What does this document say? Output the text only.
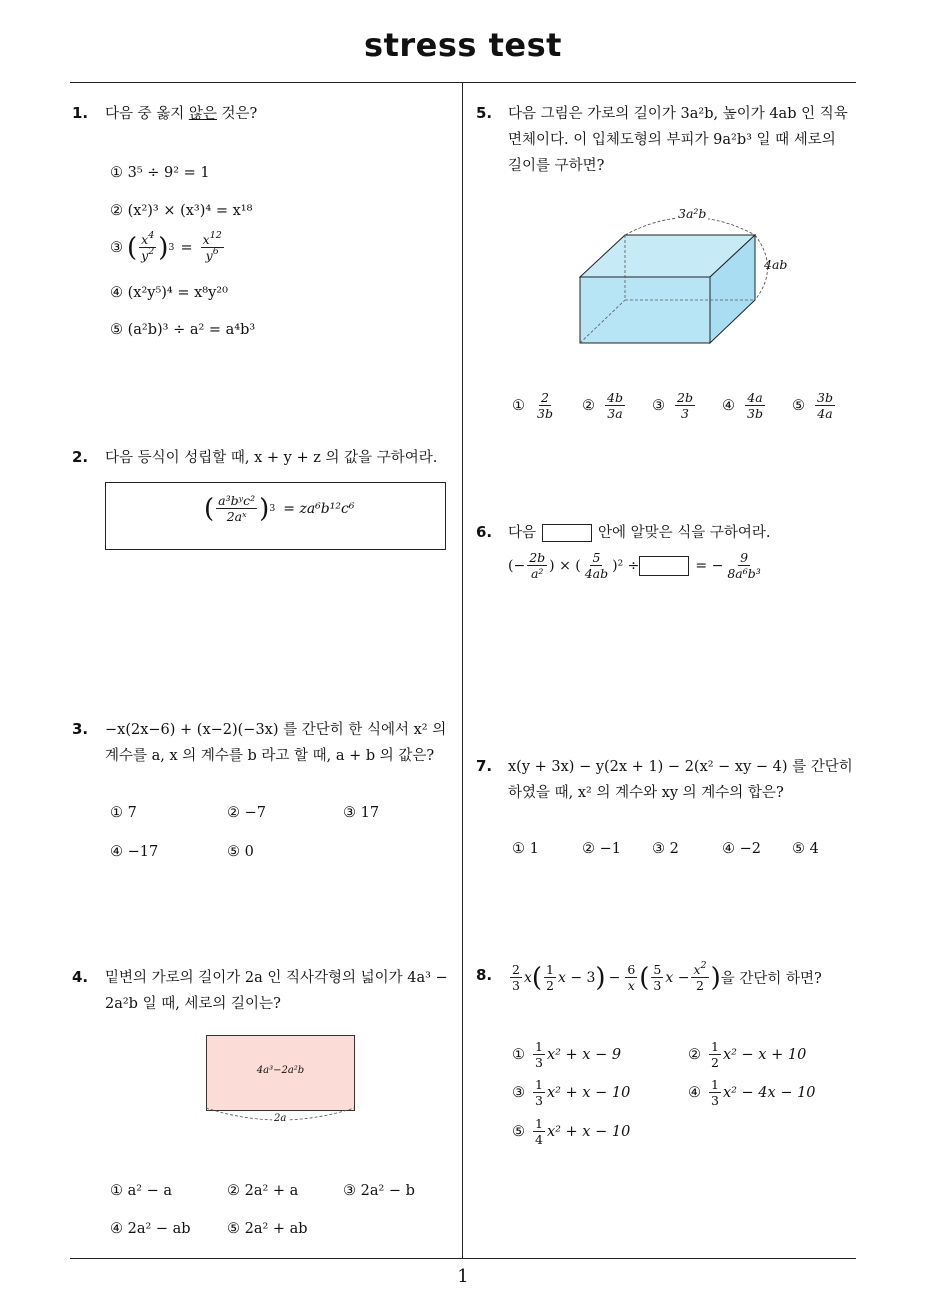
stress test
1
1. 다음 중 옳지 않은 것은?
① 3⁵ ÷ 9² = 1
② (x²)³ × (x³)⁴ = x¹⁸
③ ( $\frac{x^4}{y^2}$ ) $3 = \frac{x^{12}}{y^6}$
④ (x²y⁵)⁴ = x⁸y²⁰
⑤ (a²b)³ ÷ a² = a⁴b³
2. 다음 등식이 성립할 때, x + y + z 의 값을 구하여라.
( $\frac{\text{a³bʸc²}}{\text{2aˣ}}$ ) 3 = za⁶b¹²c⁶
3. −x(2x−6) + (x−2)(−3x) 를 간단히 한 식에서 x² 의
계수를 a, x 의 계수를 b 라고 할 때, a + b 의 값은?
① 7	② −7	③ 17
④ −17	⑤ 0
4. 밑변의 가로의 길이가 2a 인 직사각형의 넓이가 4a³ −
2a²b 일 때, 세로의 길이는?
4a³−2a²b
2a
① a² − a	② 2a² + a	③ 2a² − b
④ 2a² − ab	⑤ 2a² + ab
5. 다음 그림은 가로의 길이가 3a²b, 높이가 4ab 인 직육
면체이다. 이 입체도형의 부피가 9a²b³ 일 때 세로의
길이를 구하면?
3a²b
4ab
① $\frac{2}{3b}$ ② $\frac{4b}{3a}$ ③ $\frac{2b}{3}$ ④ $\frac{4a}{3b}$ ⑤ $\frac{3b}{4a}$
6. 다음	안에 알맞은 식을 구하여라.
(− $\frac{2b}{\text{a²}}$ ) × ( $\frac{5}{4ab} )^2$ ÷	= − $\frac{9}{\text{8a⁶b³}}$
7. x(y + 3x) − y(2x + 1) − 2(x² − xy − 4) 를 간단히
하였을 때, x² 의 계수와 xy 의 계수의 합은?
① 1	② −1 ③ 2	④ −2 ⑤ 4
8. $\frac{2}{3}$ x ( $\frac{1}{2}$ x − 3 ) − $\frac{6}{x}$ ( $\frac{5}{3}$ $x - \frac{x^2}{2}$ ) 을 간단히 하면?
① $\frac{1}{3} x^2 + x - 9$	② $\frac{1}{2} x^2 - x + 10$
③ $\frac{1}{3} x^2 + x - 10$	④ $\frac{1}{3} x^2 - 4x - 10$
⑤ $\frac{1}{4} x^2 + x - 10$
